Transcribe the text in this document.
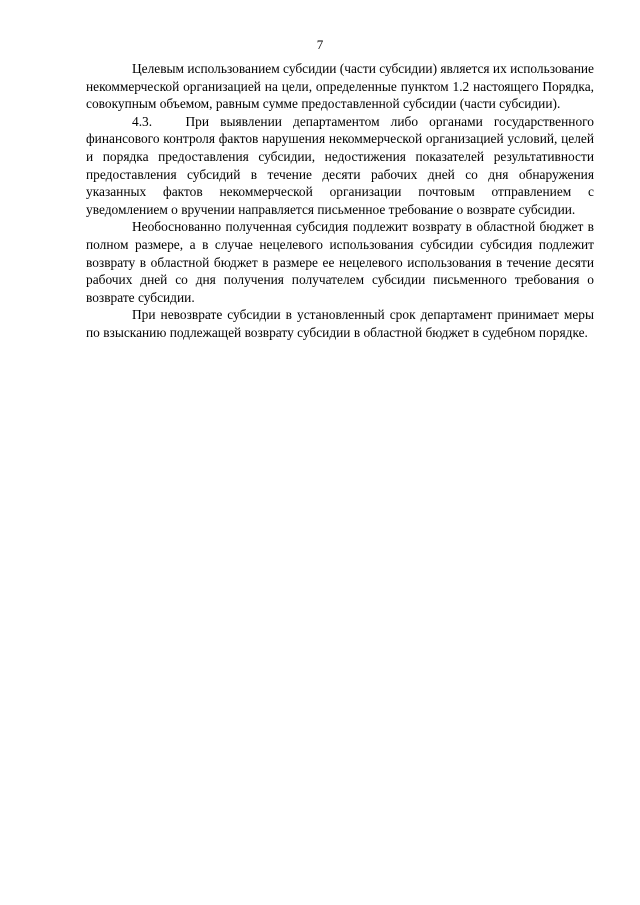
7

Целевым использованием субсидии (части субсидии) является их использование некоммерческой организацией на цели, определенные пунктом 1.2 настоящего Порядка, совокупным объемом, равным сумме предоставленной субсидии (части субсидии).

4.3.   При выявлении департаментом либо органами государственного финансового контроля фактов нарушения некоммерческой организацией условий, целей и порядка предоставления субсидии, недостижения показателей результативности предоставления субсидий в течение десяти рабочих дней со дня обнаружения указанных фактов некоммерческой организации почтовым отправлением с уведомлением о вручении направляется письменное требование о возврате субсидии.

Необоснованно полученная субсидия подлежит возврату в областной бюджет в полном размере, а в случае нецелевого использования субсидии субсидия подлежит возврату в областной бюджет в размере ее нецелевого использования в течение десяти рабочих дней со дня получения получателем субсидии письменного требования о возврате субсидии.

При невозврате субсидии в установленный срок департамент принимает меры по взысканию подлежащей возврату субсидии в областной бюджет в судебном порядке.
